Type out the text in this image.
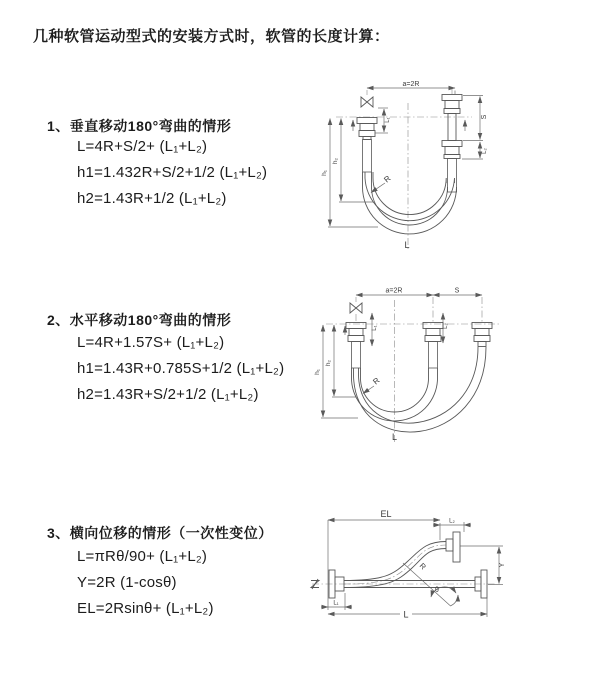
几种软管运动型式的安装方式时，软管的长度计算：
1、垂直移动180°弯曲的情形
L=4R+S/2+ (L₁+L₂)
h1=1.432R+S/2+1/2 (L₁+L₂)
h2=1.43R+1/2 (L₁+L₂)
2、水平移动180°弯曲的情形
L=4R+1.57S+ (L₁+L₂)
h1=1.43R+0.785S+1/2 (L₁+L₂)
h2=1.43R+S/2+1/2 (L₁+L₂)
3、横向位移的情形（一次性变位）
L=πRθ/90+ (L₁+L₂)
Y=2R (1-cosθ)
EL=2Rsinθ+ (L₁+L₂)
a=2R
S
L₂
L₁
h₁
h₂
R
L
a=2R	S
L₁	L₂
h₁
h₂
R
L
EL
L₂
Y
R
θ
L₁
L
